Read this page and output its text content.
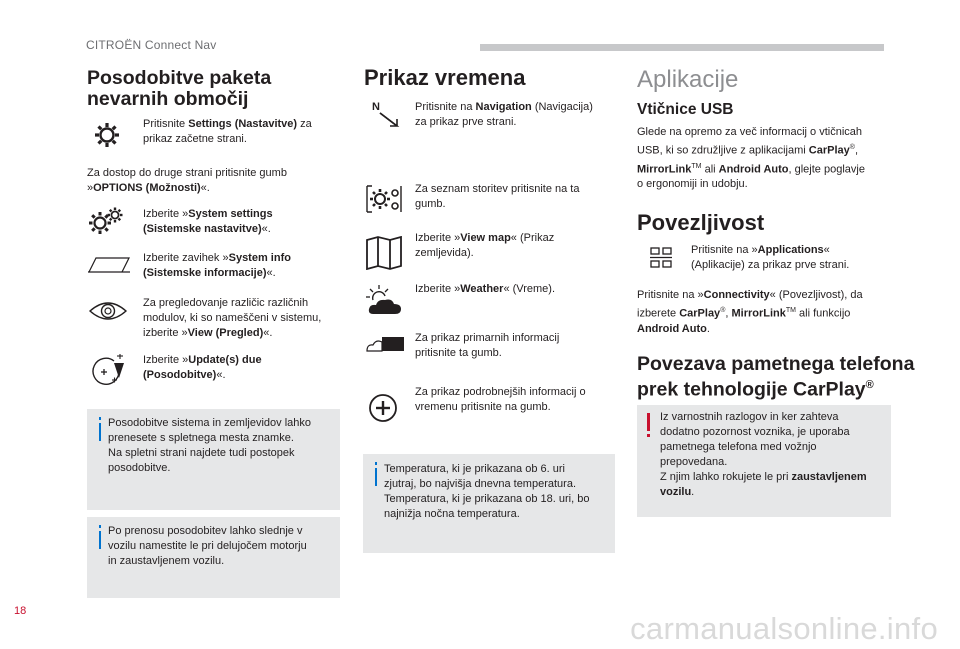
CITROËN Connect Nav
Posodobitve paketa
nevarnih območij
Pritisnite Settings (Nastavitve) za
prikaz začetne strani.
Za dostop do druge strani pritisnite gumb
»OPTIONS (Možnosti)«.
Izberite »System settings
(Sistemske nastavitve)«.
Izberite zavihek »System info
(Sistemske informacije)«.
Za pregledovanje različic različnih
modulov, ki so nameščeni v sistemu,
izberite »View (Pregled)«.
Izberite »Update(s) due
(Posodobitve)«.
Posodobitve sistema in zemljevidov lahko
prenesete s spletnega mesta znamke.
Na spletni strani najdete tudi postopek
posodobitve.
Po prenosu posodobitev lahko slednje v
vozilu namestite le pri delujočem motorju
in zaustavljenem vozilu.
Prikaz vremena
N	Pritisnite na Navigation (Navigacija)
za prikaz prve strani.
Za seznam storitev pritisnite na ta
gumb.
Izberite »View map« (Prikaz
zemljevida).
Izberite »Weather« (Vreme).
Za prikaz primarnih informacij
pritisnite ta gumb.
Za prikaz podrobnejših informacij o
vremenu pritisnite na gumb.
Temperatura, ki je prikazana ob 6. uri
zjutraj, bo najvišja dnevna temperatura.
Temperatura, ki je prikazana ob 18. uri, bo
najnižja nočna temperatura.
Aplikacije
Vtičnice USB
Glede na opremo za več informacij o vtičnicah
USB, ki so združljive z aplikacijami CarPlay®,
MirrorLink™ ali Android Auto, glejte poglavje
o ergonomiji in udobju.
Povezljivost
Pritisnite na »Applications«
(Aplikacije) za prikaz prve strani.
Pritisnite na »Connectivity« (Povezljivost), da
izberete CarPlay®, MirrorLink™ ali funkcijo
Android Auto.
Povezava pametnega telefona
prek tehnologije CarPlay®
Iz varnostnih razlogov in ker zahteva
dodatno pozornost voznika, je uporaba
pametnega telefona med vožnjo
prepovedana.
Z njim lahko rokujete le pri zaustavljenem
vozilu.
18	carmanualsonline.info
